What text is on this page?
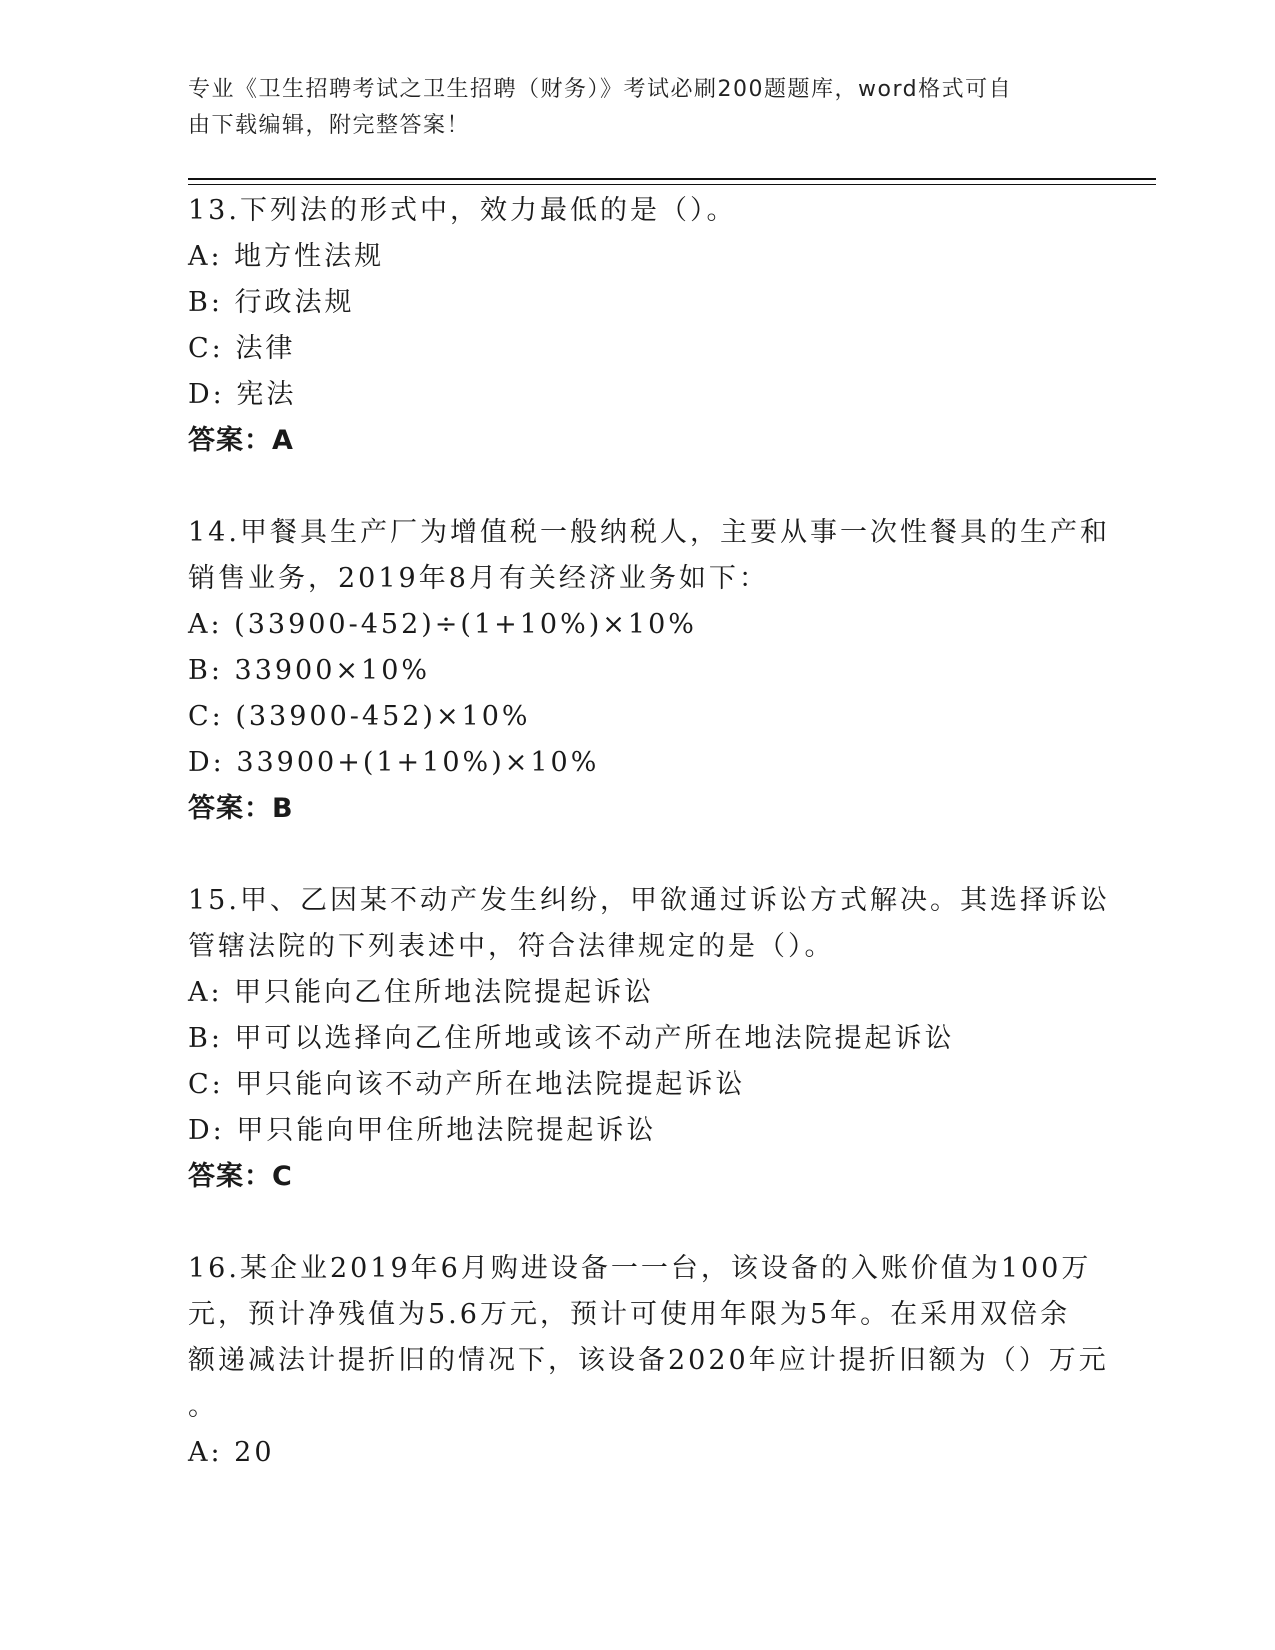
专业《卫生招聘考试之卫生招聘（财务）》考试必刷200题题库，word格式可自
由下载编辑，附完整答案！
13.下列法的形式中，效力最低的是（）。
A: 地方性法规
B: 行政法规
C: 法律
D: 宪法
答案：A
14.甲餐具生产厂为增值税一般纳税人，主要从事一次性餐具的生产和
销售业务，2019年8月有关经济业务如下：
A: (33900-452)÷(1+10%)×10%
B: 33900×10%
C: (33900-452)×10%
D: 33900+(1+10%)×10%
答案：B
15.甲、乙因某不动产发生纠纷，甲欲通过诉讼方式解决。其选择诉讼
管辖法院的下列表述中，符合法律规定的是（）。
A: 甲只能向乙住所地法院提起诉讼
B: 甲可以选择向乙住所地或该不动产所在地法院提起诉讼
C: 甲只能向该不动产所在地法院提起诉讼
D: 甲只能向甲住所地法院提起诉讼
答案：C
16.某企业2019年6月购进设备一一台，该设备的入账价值为100万
元，预计净残值为5.6万元，预计可使用年限为5年。在采用双倍余
额递减法计提折旧的情况下，该设备2020年应计提折旧额为（）万元
。
A: 20
